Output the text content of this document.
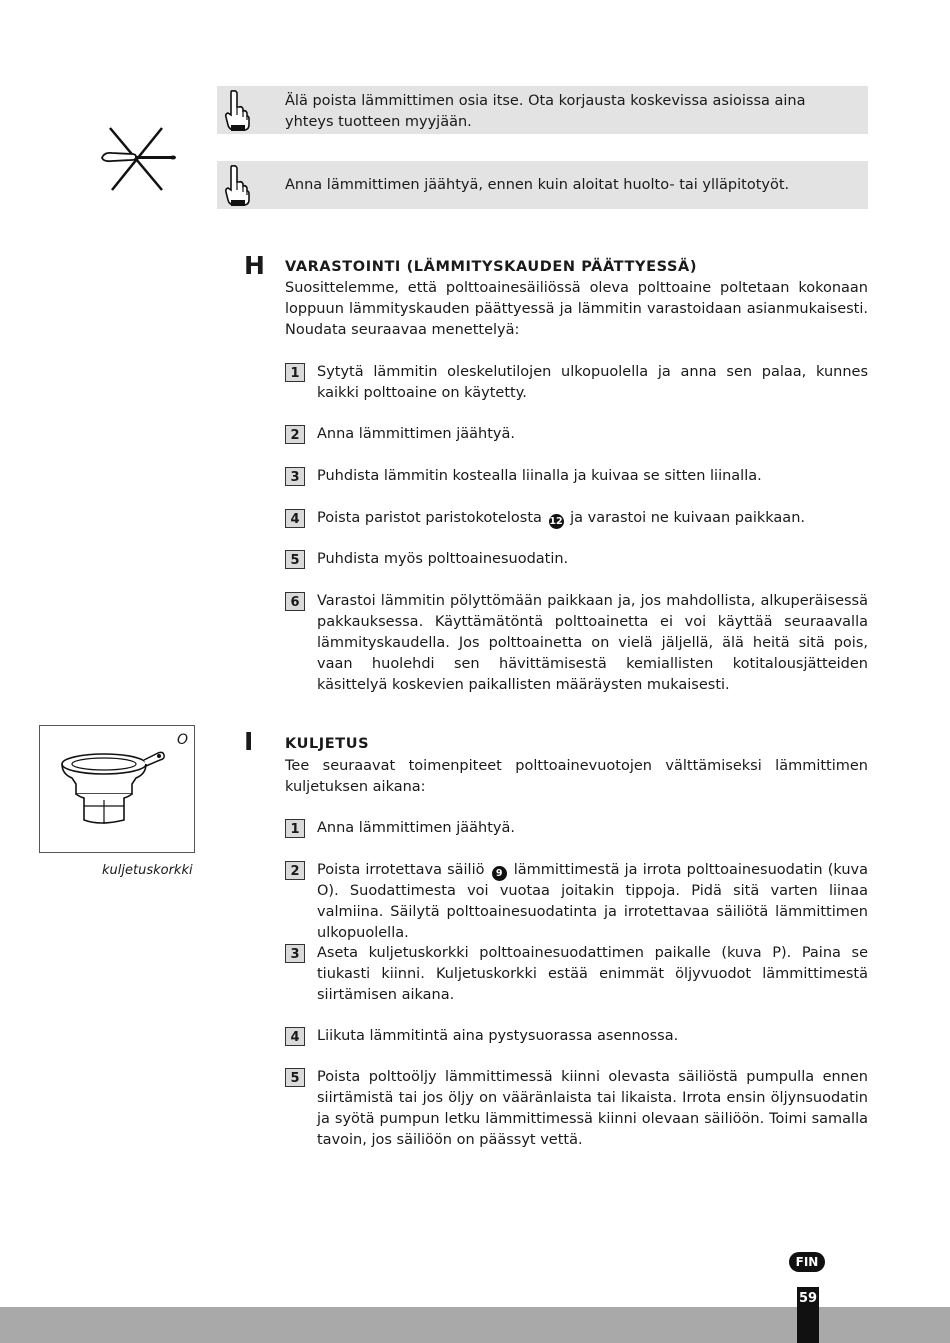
Älä poista lämmittimen osia itse. Ota korjausta koskevissa asioissa aina yhteys tuotteen myyjään.
Anna lämmittimen jäähtyä, ennen kuin aloitat huolto- tai ylläpitotyöt.
H VARASTOINTI (LÄMMITYSKAUDEN PÄÄTTYESSÄ)
Suosittelemme, että polttoainesäiliössä oleva polttoaine poltetaan kokonaan loppuun lämmityskauden päättyessä ja lämmitin varastoidaan asianmukaisesti. Noudata seuraavaa menettelyä:
1	Sytytä lämmitin oleskelutilojen ulkopuolella ja anna sen palaa, kunnes kaikki polttoaine on käytetty.
2	Anna lämmittimen jäähtyä.
3	Puhdista lämmitin kostealla liinalla ja kuivaa se sitten liinalla.
4	Poista paristot paristokotelosta 12 ja varastoi ne kuivaan paikkaan.
5	Puhdista myös polttoainesuodatin.
6	Varastoi lämmitin pölyttömään paikkaan ja, jos mahdollista, alkuperäisessä pakkauksessa. Käyttämätöntä polttoainetta ei voi käyttää seuraavalla lämmityskaudella. Jos polttoainetta on vielä jäljellä, älä heitä sitä pois, vaan huolehdi sen hävittämisestä kemiallisten kotitalousjätteiden käsittelyä koskevien paikallisten määräysten mukaisesti.
O
kuljetuskorkki
I KULJETUS
Tee seuraavat toimenpiteet polttoainevuotojen välttämiseksi lämmittimen kuljetuksen aikana:
1	Anna lämmittimen jäähtyä.
2	Poista irrotettava säiliö 9 lämmittimestä ja irrota polttoainesuodatin (kuva O). Suodattimesta voi vuotaa joitakin tippoja. Pidä sitä varten liinaa valmiina. Säilytä polttoainesuodatinta ja irrotettavaa säiliötä lämmittimen ulkopuolella.
3	Aseta kuljetuskorkki polttoainesuodattimen paikalle (kuva P). Paina se tiukasti kiinni. Kuljetuskorkki estää enimmät öljyvuodot lämmittimestä siirtämisen aikana.
4	Liikuta lämmitintä aina pystysuorassa asennossa.
5	Poista polttoöljy lämmittimessä kiinni olevasta säiliöstä pumpulla ennen siirtämistä tai jos öljy on vääränlaista tai likaista. Irrota ensin öljynsuodatin ja syötä pumpun letku lämmittimessä kiinni olevaan säiliöön. Toimi samalla tavoin, jos säiliöön on päässyt vettä.
FIN
59
